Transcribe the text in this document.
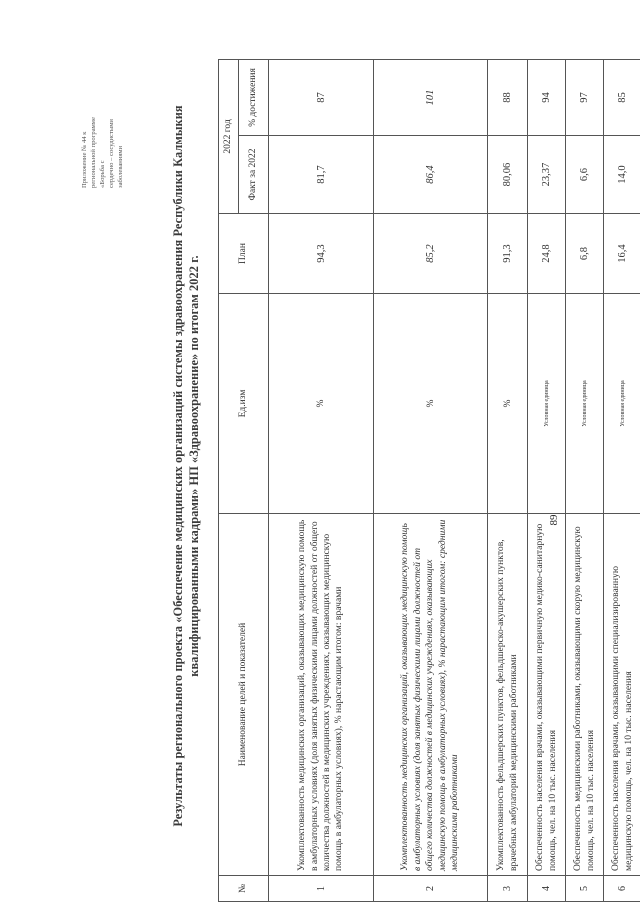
Приложение № 44 к региональной программе «Борьба с сердечно – сосудистыми заболеваниями	Результаты регионального проекта «Обеспечение медицинских организаций системы здравоохранения Республики Калмыкия квалифицированными кадрами» НП «Здравоохранение» по итогам 2022 г.
№	Наименование целей и показателей	Ед.изм	План	2022 год	
				Факт за 2022	% достижения
1	Укомплектованность медицинских организаций, оказывающих медицинскую помощь в амбулаторных условиях (доля занятых физическими лицами должностей от общего количества должностей в медицинских учреждениях, оказывающих медицинскую помощь в амбулаторных условиях), % нарастающим итогом: врачами	%	94,3	81,7	87
2	Укомплектованность медицинских организаций, оказывающих медицинскую помощь в амбулаторных условиях (доля занятых физическими лицами должностей от общего количества должностей в медицинских учреждениях, оказывающих медицинскую помощь в амбулаторных условиях), % нарастающим итогом: средними медицинскими работниками	%	85,2	86,4	101
3	Укомплектованность фельдшерских пунктов, фельдшерско-акушерских пунктов, врачебных амбулаторий медицинскими работниками	%	91,3	80,06	88
4	Обеспеченность населения врачами, оказывающими первичную медико-санитарную помощь, чел. на 10 тыс. населения	Условная единица	24,8	23,37	94
5	Обеспеченность медицинскими работниками, оказывающими скорую медицинскую помощь, чел. на 10 тыс. населения	Условная единица	6,8	6,6	97
6	Обеспеченность населения врачами, оказывающими специализированную медицинскую помощь, чел. на 10 тыс. населения	Условная единица	16,4	14,0	85
89
